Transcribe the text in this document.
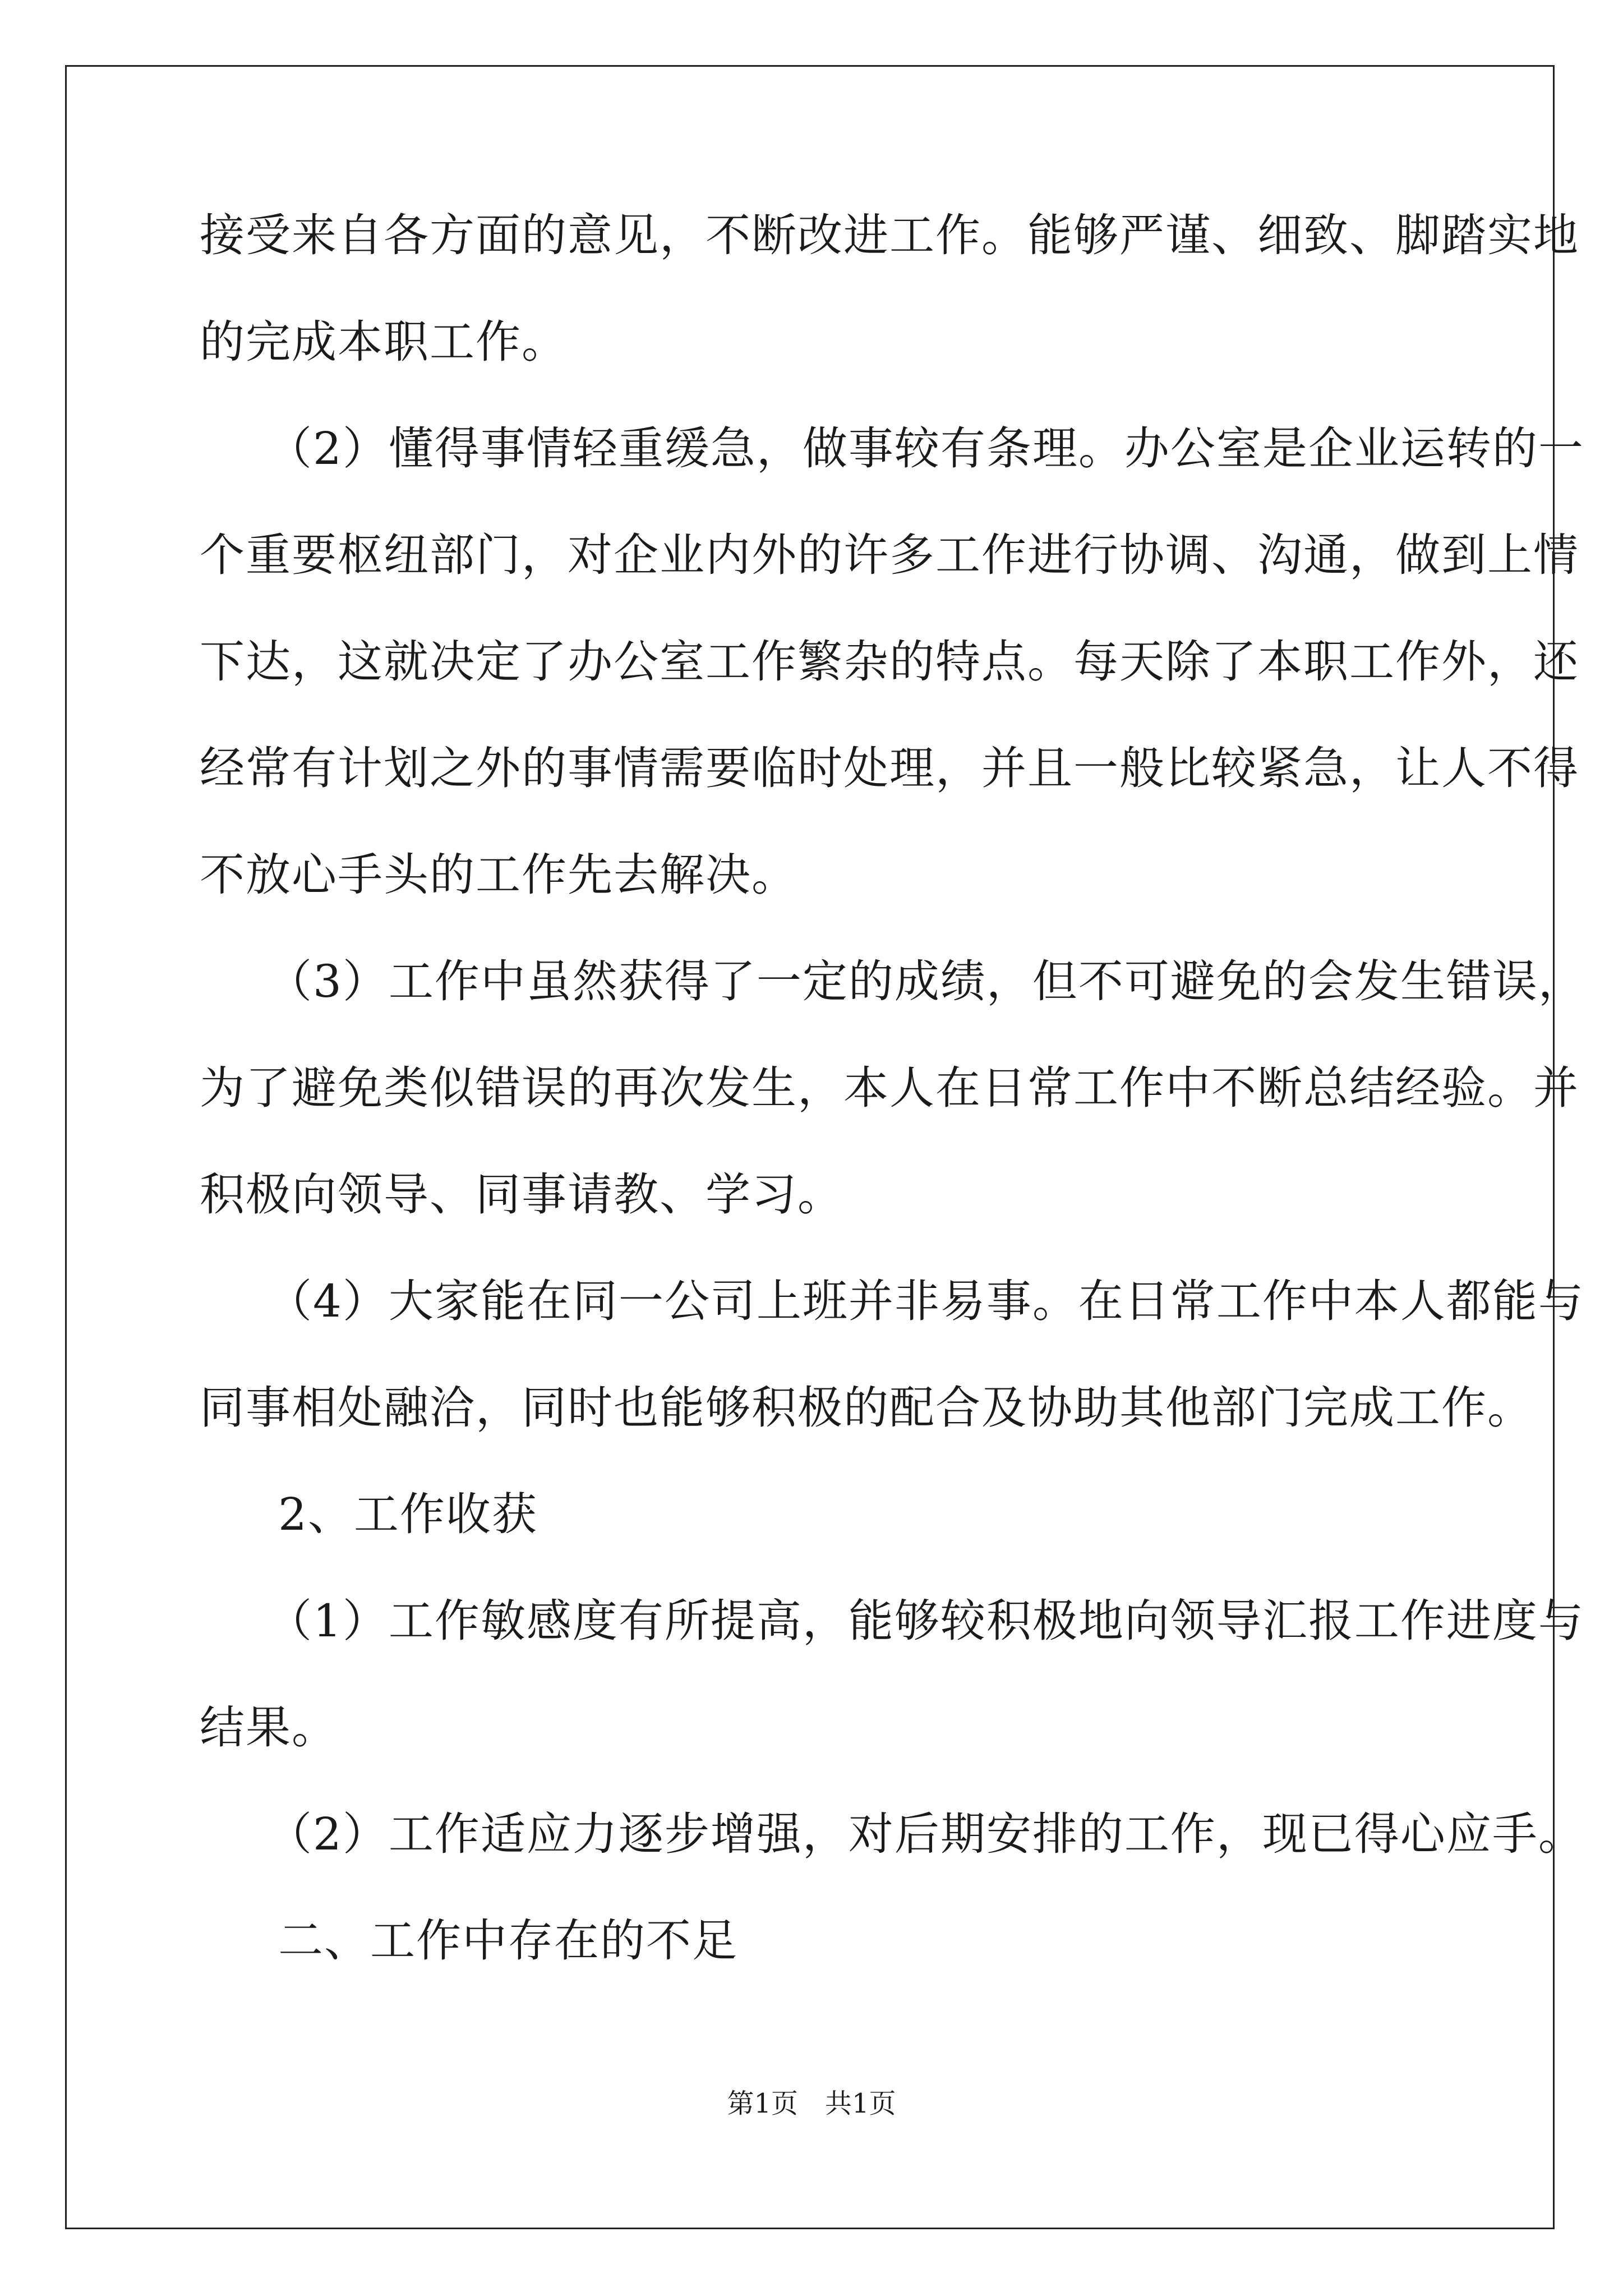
接受来自各方面的意见，不断改进工作。能够严谨、细致、脚踏实地
的完成本职工作。
（2）懂得事情轻重缓急，做事较有条理。办公室是企业运转的一
个重要枢纽部门，对企业内外的许多工作进行协调、沟通，做到上情
下达，这就决定了办公室工作繁杂的特点。每天除了本职工作外，还
经常有计划之外的事情需要临时处理，并且一般比较紧急，让人不得
不放心手头的工作先去解决。
（3）工作中虽然获得了一定的成绩，但不可避免的会发生错误，
为了避免类似错误的再次发生，本人在日常工作中不断总结经验。并
积极向领导、同事请教、学习。
（4）大家能在同一公司上班并非易事。在日常工作中本人都能与
同事相处融洽，同时也能够积极的配合及协助其他部门完成工作。
2、工作收获
（1）工作敏感度有所提高，能够较积极地向领导汇报工作进度与
结果。
（2）工作适应力逐步增强，对后期安排的工作，现已得心应手。
二、工作中存在的不足
第1页 共1页
